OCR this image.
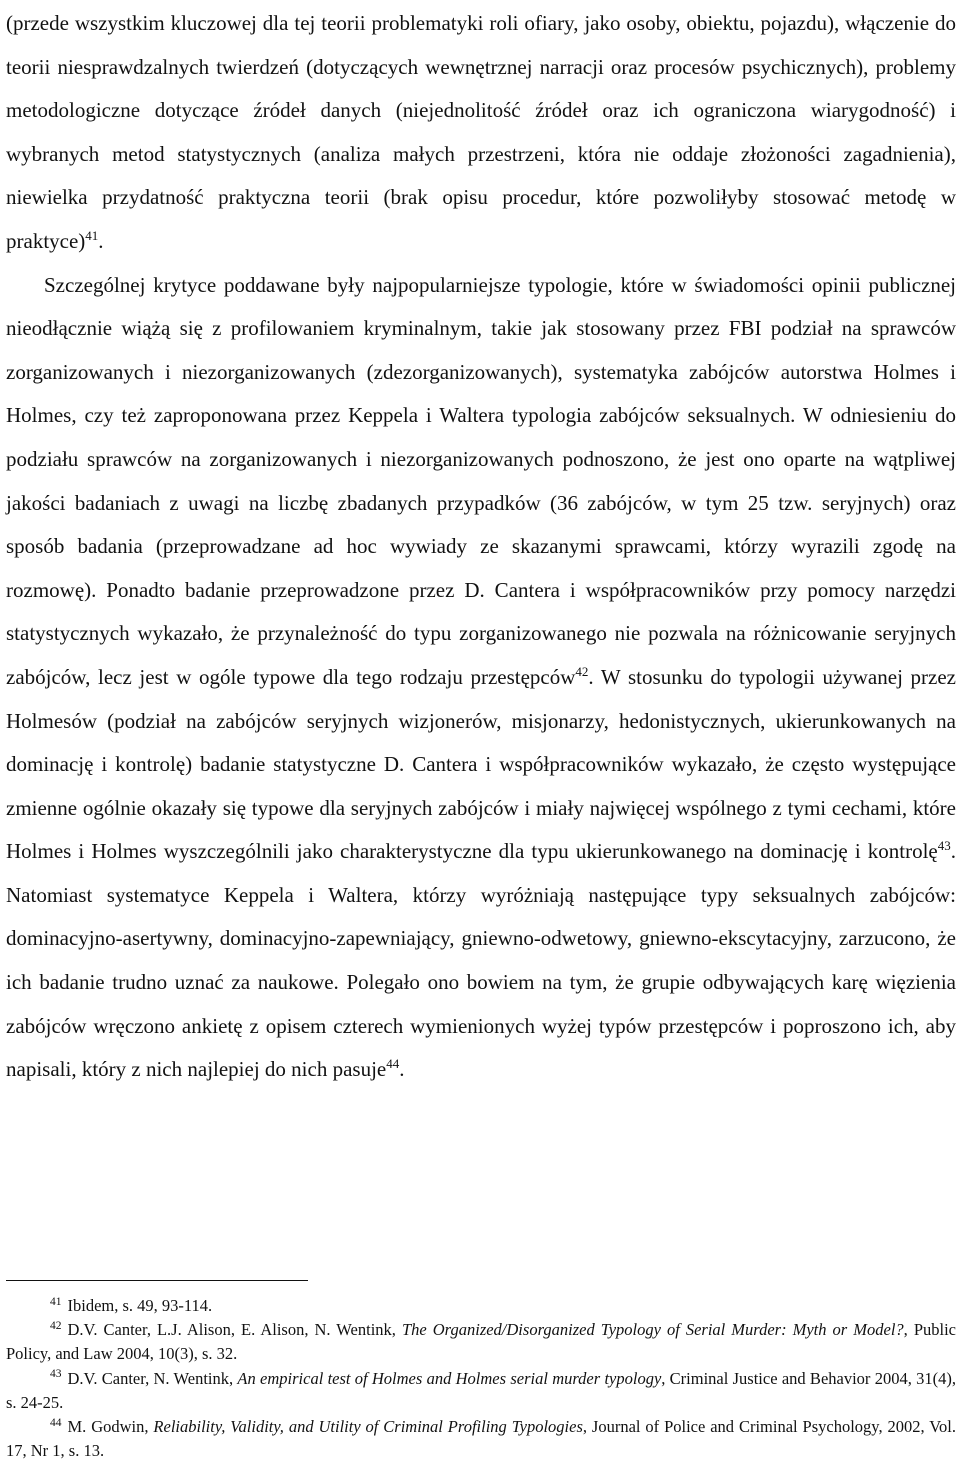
(przede wszystkim kluczowej dla tej teorii problematyki roli ofiary, jako osoby, obiektu, pojazdu), włączenie do teorii niesprawdzalnych twierdzeń (dotyczących wewnętrznej narracji oraz procesów psychicznych), problemy metodologiczne dotyczące źródeł danych (niejednolitość źródeł oraz ich ograniczona wiarygodność) i wybranych metod statystycznych (analiza małych przestrzeni, która nie oddaje złożoności zagadnienia), niewielka przydatność praktyczna teorii (brak opisu procedur, które pozwoliłyby stosować metodę w praktyce)$^{41}$.
Szczególnej krytyce poddawane były najpopularniejsze typologie, które w świadomości opinii publicznej nieodłącznie wiążą się z profilowaniem kryminalnym, takie jak stosowany przez FBI podział na sprawców zorganizowanych i niezorganizowanych (zdezorganizowanych), systematyka zabójców autorstwa Holmes i Holmes, czy też zaproponowana przez Keppela i Waltera typologia zabójców seksualnych. W odniesieniu do podziału sprawców na zorganizowanych i niezorganizowanych podnoszono, że jest ono oparte na wątpliwej jakości badaniach z uwagi na liczbę zbadanych przypadków (36 zabójców, w tym 25 tzw. seryjnych) oraz sposób badania (przeprowadzane ad hoc wywiady ze skazanymi sprawcami, którzy wyrazili zgodę na rozmowę). Ponadto badanie przeprowadzone przez D. Cantera i współpracowników przy pomocy narzędzi statystycznych wykazało, że przynależność do typu zorganizowanego nie pozwala na różnicowanie seryjnych zabójców, lecz jest w ogóle typowe dla tego rodzaju przestępców$^{42}$. W stosunku do typologii używanej przez Holmesów (podział na zabójców seryjnych wizjonerów, misjonarzy, hedonistycznych, ukierunkowanych na dominację i kontrolę) badanie statystyczne D. Cantera i współpracowników wykazało, że często występujące zmienne ogólnie okazały się typowe dla seryjnych zabójców i miały najwięcej wspólnego z tymi cechami, które Holmes i Holmes wyszczególnili jako charakterystyczne dla typu ukierunkowanego na dominację i kontrolę$^{43}$. Natomiast systematyce Keppela i Waltera, którzy wyróżniają następujące typy seksualnych zabójców: dominacyjno-asertywny, dominacyjno-zapewniający, gniewno-odwetowy, gniewno-ekscytacyjny, zarzucono, że ich badanie trudno uznać za naukowe. Polegało ono bowiem na tym, że grupie odbywających karę więzienia zabójców wręczono ankietę z opisem czterech wymienionych wyżej typów przestępców i poproszono ich, aby napisali, który z nich najlepiej do nich pasuje$^{44}$.

$^{41}$ Ibidem, s. 49, 93-114.

$^{42}$ D.V. Canter, L.J. Alison, E. Alison, N. Wentink, The Organized/Disorganized Typology of Serial Murder: Myth or Model?, Public Policy, and Law 2004, 10(3), s. 32.

$^{43}$ D.V. Canter, N. Wentink, An empirical test of Holmes and Holmes serial murder typology, Criminal Justice and Behavior 2004, 31(4), s. 24-25.

$^{44}$ M. Godwin, Reliability, Validity, and Utility of Criminal Profiling Typologies, Journal of Police and Criminal Psychology, 2002, Vol. 17, Nr 1, s. 13.
